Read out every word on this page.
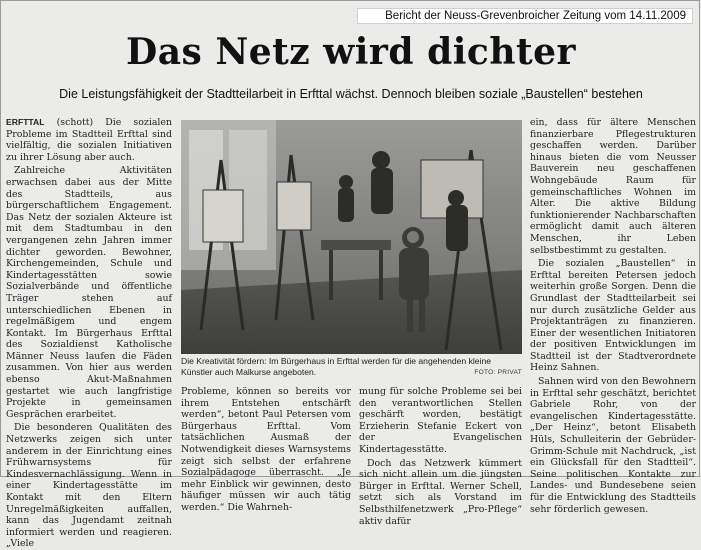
Bericht der Neuss-Grevenbroicher Zeitung vom 14.11.2009
Das Netz wird dichter
Die Leistungsfähigkeit der Stadtteilarbeit in Erfttal wächst. Dennoch bleiben soziale „Baustellen“ bestehen

ERFTTAL (schott) Die sozialen Probleme im Stadtteil Erfttal sind vielfältig, die sozialen Initiativen zu ihrer Lösung aber auch.

Zahlreiche Aktivitäten erwachsen dabei aus der Mitte des Stadtteils, aus bürgerschaftlichem Engagement. Das Netz der sozialen Akteure ist mit dem Stadtumbau in den vergangenen zehn Jahren immer dichter geworden. Bewohner, Kirchengemeinden, Schule und Kindertagesstätten sowie Sozialverbände und öffentliche Träger stehen auf unterschiedlichen Ebenen in regelmäßigem und engem Kontakt. Im Bürgerhaus Erfttal des Sozialdienst Katholische Männer Neuss laufen die Fäden zusammen. Von hier aus werden ebenso Akut-Maßnahmen gestartet wie auch langfristige Projekte in gemeinsamen Gesprächen erarbeitet.

Die besonderen Qualitäten des Netzwerks zeigen sich unter anderem in der Einrichtung eines Frühwarnsystems für Kindesvernachlässigung. Wenn in einer Kindertagesstätte im Kontakt mit den Eltern Unregelmäßigkeiten auffallen, kann das Jugendamt zeitnah informiert werden und reagieren. „Viele

Die Kreativität fördern: Im Bürgerhaus in Erfttal werden für die angehenden kleine Künstler auch Malkurse angeboten.	FOTO: PRIVAT

Probleme, können so bereits vor ihrem Entstehen entschärft werden“, betont Paul Petersen vom Bürgerhaus Erfttal. Vom tatsächlichen Ausmaß der Notwendigkeit dieses Warnsystems zeigt sich selbst der erfahrene Sozialpädagoge überrascht. „Je mehr Einblick wir gewinnen, desto häufiger müssen wir auch tätig werden.“ Die Wahrneh-

mung für solche Probleme sei bei den verantwortlichen Stellen geschärft worden, bestätigt Erzieherin Stefanie Eckert von der Evangelischen Kindertagesstätte.

Doch das Netzwerk kümmert sich nicht allein um die jüngsten Bürger in Erfttal. Werner Schell, setzt sich als Vorstand im Selbsthilfenetzwerk „Pro-Pflege“ aktiv dafür

ein, dass für ältere Menschen finanzierbare Pflegestrukturen geschaffen werden. Darüber hinaus bieten die vom Neusser Bauverein neu geschaffenen Wohngebäude Raum für gemeinschaftliches Wohnen im Alter. Die aktive Bildung funktionierender Nachbarschaften ermöglicht damit auch älteren Menschen, ihr Leben selbstbestimmt zu gestalten.

Die sozialen „Baustellen“ in Erfttal bereiten Petersen jedoch weiterhin große Sorgen. Denn die Grundlast der Stadtteilarbeit sei nur durch zusätzliche Gelder aus Projektanträgen zu finanzieren. Einer der wesentlichen Initiatoren der positiven Entwicklungen im Stadtteil ist der Stadtverordnete Heinz Sahnen.

Sahnen wird von den Bewohnern in Erfttal sehr geschätzt, berichtet Gabriele Rohr, von der evangelischen Kindertagesstätte. „Der Heinz“, betont Elisabeth Hüls, Schulleiterin der Gebrüder-Grimm-Schule mit Nachdruck, „ist ein Glücksfall für den Stadtteil“. Seine politischen Kontakte zur Landes- und Bundesebene seien für die Entwicklung des Stadtteils sehr förderlich gewesen.
